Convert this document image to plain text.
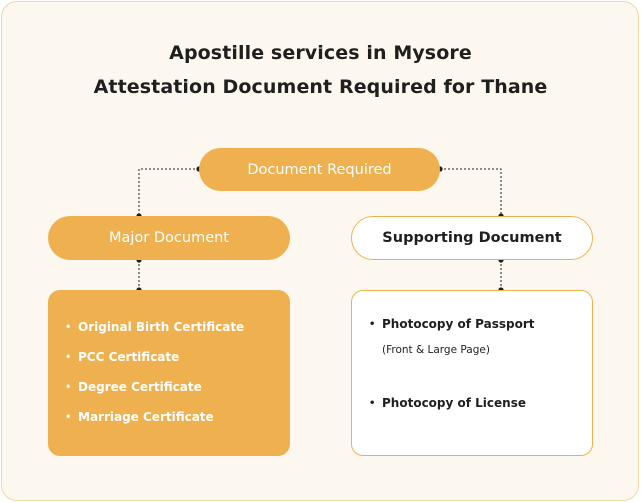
Apostille services in Mysore
Attestation Document Required for Thane
Document Required
Major Document	Supporting Document
• Original Birth Certificate
• PCC Certificate
• Degree Certificate
• Marriage Certificate
• Photocopy of Passport
(Front & Large Page)
• Photocopy of License
